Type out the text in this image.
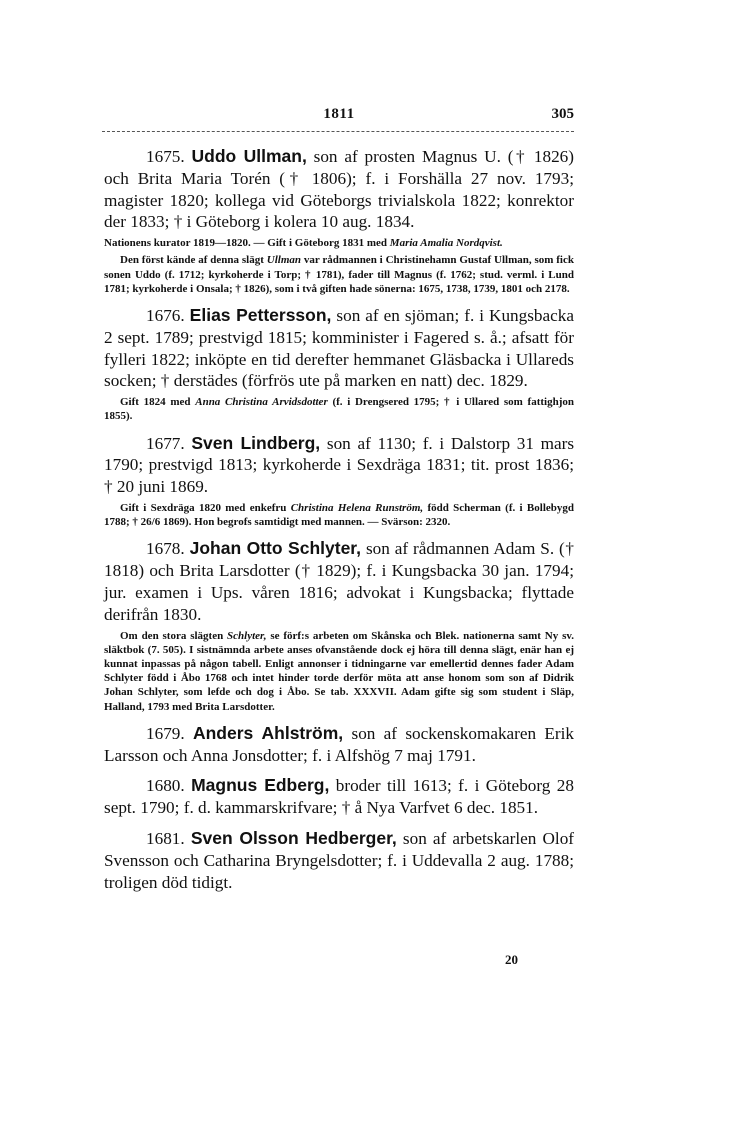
1811	305

1675. Uddo Ullman, son af prosten Magnus U. († 1826) och Brita Maria Torén († 1806); f. i Forshälla 27 nov. 1793; magister 1820; kollega vid Göteborgs trivialskola 1822; konrektor der 1833; † i Göteborg i kolera 10 aug. 1834.

Nationens kurator 1819—1820. — Gift i Göteborg 1831 med Maria Amalia Nordqvist.

Den först kände af denna slägt Ullman var rådmannen i Christinehamn Gustaf Ullman, som fick sonen Uddo (f. 1712; kyrkoherde i Torp; † 1781), fader till Magnus (f. 1762; stud. verml. i Lund 1781; kyrkoherde i Onsala; † 1826), som i två giften hade sönerna: 1675, 1738, 1739, 1801 och 2178.

1676. Elias Pettersson, son af en sjöman; f. i Kungsbacka 2 sept. 1789; prestvigd 1815; komminister i Fagered s. å.; afsatt för fylleri 1822; inköpte en tid derefter hemmanet Gläsbacka i Ullareds socken; † derstädes (förfrös ute på marken en natt) dec. 1829.

Gift 1824 med Anna Christina Arvidsdotter (f. i Drengsered 1795; † i Ullared som fattighjon 1855).

1677. Sven Lindberg, son af 1130; f. i Dalstorp 31 mars 1790; prestvigd 1813; kyrkoherde i Sexdräga 1831; tit. prost 1836; † 20 juni 1869.

Gift i Sexdräga 1820 med enkefru Christina Helena Runström, född Scherman (f. i Bollebygd 1788; † 26/6 1869). Hon begrofs samtidigt med mannen. — Svärson: 2320.

1678. Johan Otto Schlyter, son af rådmannen Adam S. († 1818) och Brita Larsdotter († 1829); f. i Kungsbacka 30 jan. 1794; jur. examen i Ups. våren 1816; advokat i Kungsbacka; flyttade derifrån 1830.

Om den stora slägten Schlyter, se förf:s arbeten om Skånska och Blek. nationerna samt Ny sv. släktbok (7. 505). I sistnämnda arbete anses ofvanstående dock ej höra till denna slägt, enär han ej kunnat inpassas på någon tabell. Enligt annonser i tidningarne var emellertid dennes fader Adam Schlyter född i Åbo 1768 och intet hinder torde derför möta att anse honom som son af Didrik Johan Schlyter, som lefde och dog i Åbo. Se tab. XXXVII. Adam gifte sig som student i Släp, Halland, 1793 med Brita Larsdotter.

1679. Anders Ahlström, son af sockenskomakaren Erik Larsson och Anna Jonsdotter; f. i Alfshög 7 maj 1791.

1680. Magnus Edberg, broder till 1613; f. i Göteborg 28 sept. 1790; f. d. kammarskrifvare; † å Nya Varfvet 6 dec. 1851.

1681. Sven Olsson Hedberger, son af arbetskarlen Olof Svensson och Catharina Bryngelsdotter; f. i Uddevalla 2 aug. 1788; troligen död tidigt.

20
